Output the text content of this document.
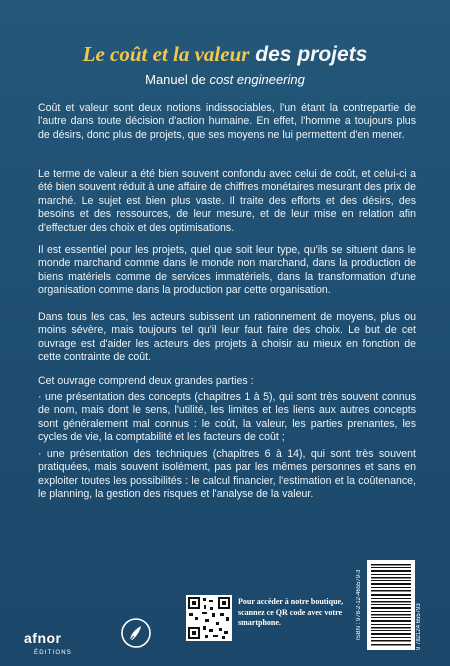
Le coût et la valeur des projets
Manuel de cost engineering
Coût et valeur sont deux notions indissociables, l'un étant la contrepartie de l'autre dans toute décision d'action humaine. En effet, l'homme a toujours plus de désirs, donc plus de projets, que ses moyens ne lui permettent d'en mener.
Le terme de valeur a été bien souvent confondu avec celui de coût, et celui-ci a été bien souvent réduit à une affaire de chiffres monétaires mesurant des prix de marché. Le sujet est bien plus vaste. Il traite des efforts et des désirs, des besoins et des ressources, de leur mesure, et de leur mise en relation afin d'effectuer des choix et des optimisations.
Il est essentiel pour les projets, quel que soit leur type, qu'ils se situent dans le monde marchand comme dans le monde non marchand, dans la production de biens matériels comme de services immatériels, dans la transformation d'une organisation comme dans la production par cette organisation.
Dans tous les cas, les acteurs subissent un rationnement de moyens, plus ou moins sévère, mais toujours tel qu'il leur faut faire des choix. Le but de cet ouvrage est d'aider les acteurs des projets à choisir au mieux en fonction de cette contrainte de coût.
Cet ouvrage comprend deux grandes parties :
· une présentation des concepts (chapitres 1 à 5), qui sont très souvent connus de nom, mais dont le sens, l'utilité, les limites et les liens aux autres concepts sont généralement mal connus : le coût, la valeur, les parties prenantes, les cycles de vie, la comptabilité et les facteurs de coût ;
· une présentation des techniques (chapitres 6 à 14), qui sont très souvent pratiquées, mais souvent isolément, pas par les mêmes personnes et sans en exploiter toutes les possibilités : le calcul financier, l'estimation et la coûtenance, le planning, la gestion des risques et l'analyse de la valeur.
ISBN : 978-2-12-465579-3	9 782124 655793
Pour accéder à notre boutique, scannez ce QR code avec votre smartphone.
afnor
ÉDITIONS
